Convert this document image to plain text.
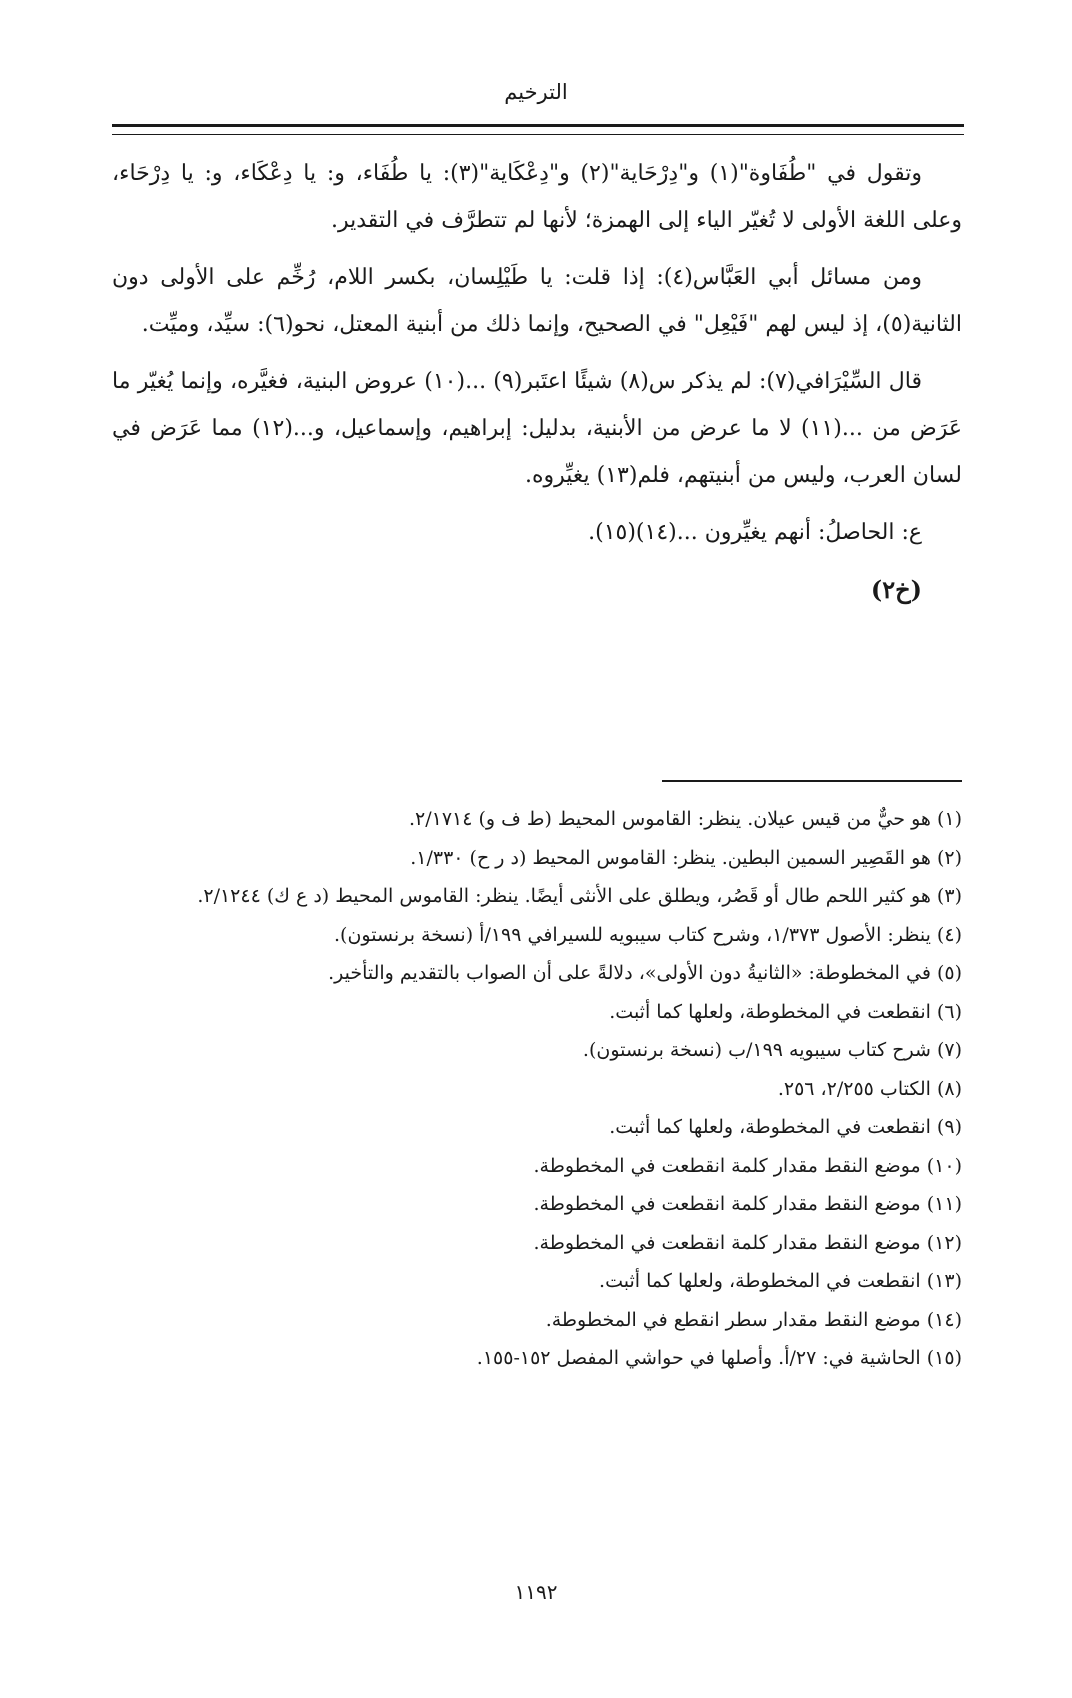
الترخيم

وتقول في "طُفَاوة"(١) و"دِرْحَاية"(٢) و"دِعْكَاية"(٣): يا طُفَاء، و: يا دِعْكَاء، و: يا دِرْحَاء، وعلى اللغة الأولى لا تُغيّر الياء إلى الهمزة؛ لأنها لم تتطرَّف في التقدير.

ومن مسائل أبي العَبَّاس(٤): إذا قلت: يا طَيْلِسان، بكسر اللام، رُخِّم على الأولى دون الثانية(٥)، إذ ليس لهم "فَيْعِل" في الصحيح، وإنما ذلك من أبنية المعتل، نحو(٦): سيِّد، وميِّت.

قال السِّيْرَافي(٧): لم يذكر س(٨) شيئًا اعتَبر(٩) ...(١٠) عروض البنية، فغيَّره، وإنما يُغيّر ما عَرَض من ...(١١) لا ما عرض من الأبنية، بدليل: إبراهيم، وإسماعيل، و...(١٢) مما عَرَض في لسان العرب، وليس من أبنيتهم، فلم(١٣) يغيِّروه.

ع: الحاصلُ: أنهم يغيِّرون ...(١٤)(١٥).

(خ٢)
(١) هو حيٌّ من قيس عيلان. ينظر: القاموس المحيط (ط ف و) ٢/١٧١٤.
(٢) هو القَصِير السمين البطين. ينظر: القاموس المحيط (د ر ح) ١/٣٣٠.
(٣) هو كثير اللحم طال أو قَصُر، ويطلق على الأنثى أيضًا. ينظر: القاموس المحيط (د ع ك) ٢/١٢٤٤.
(٤) ينظر: الأصول ١/٣٧٣، وشرح كتاب سيبويه للسيرافي ١٩٩/أ (نسخة برنستون).
(٥) في المخطوطة: «الثانيةُ دون الأولى»، دلالةً على أن الصواب بالتقديم والتأخير.
(٦) انقطعت في المخطوطة، ولعلها كما أثبت.
(٧) شرح كتاب سيبويه ١٩٩/ب (نسخة برنستون).
(٨) الكتاب ٢/٢٥٥، ٢٥٦.
(٩) انقطعت في المخطوطة، ولعلها كما أثبت.
(١٠) موضع النقط مقدار كلمة انقطعت في المخطوطة.
(١١) موضع النقط مقدار كلمة انقطعت في المخطوطة.
(١٢) موضع النقط مقدار كلمة انقطعت في المخطوطة.
(١٣) انقطعت في المخطوطة، ولعلها كما أثبت.
(١٤) موضع النقط مقدار سطر انقطع في المخطوطة.
(١٥) الحاشية في: ٢٧/أ. وأصلها في حواشي المفصل ١٥٢-١٥٥.
١١٩٢
